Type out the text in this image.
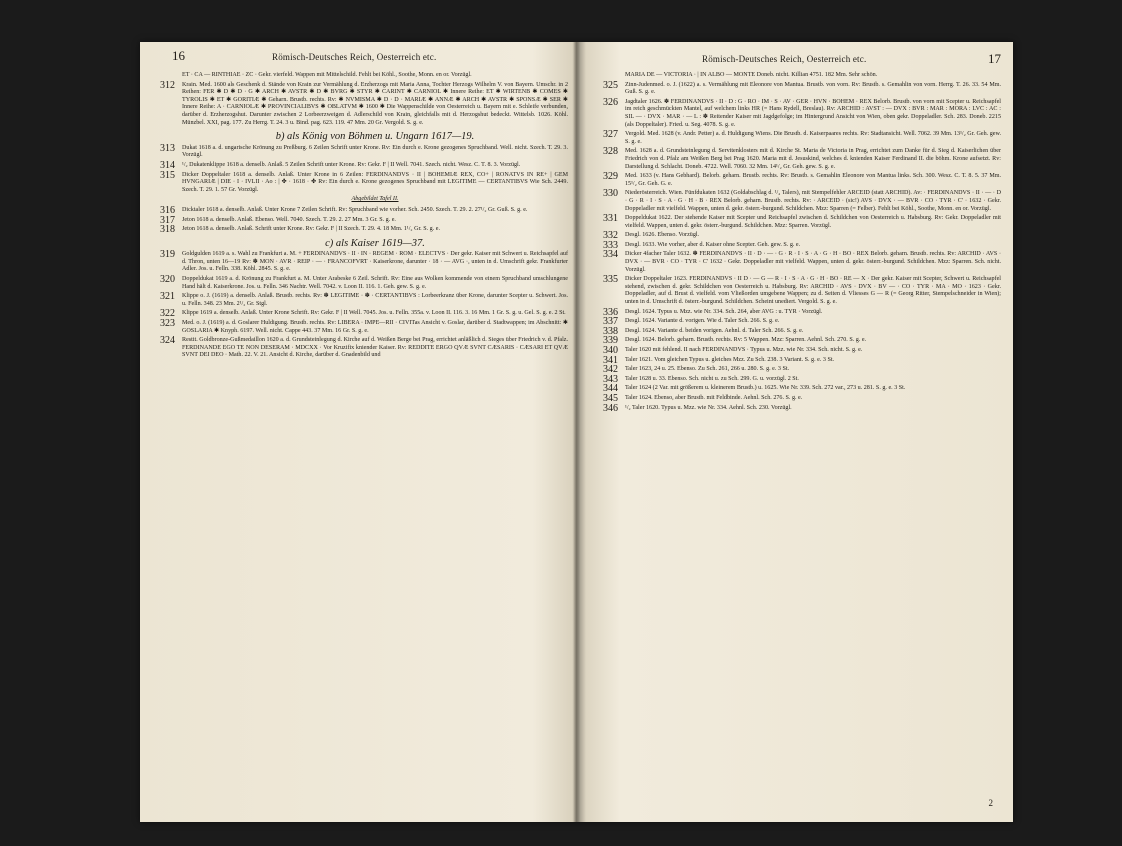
16	Römisch-Deutsches Reich, Oesterreich etc.
ET · CA — RINTHIAE · ZC · Gekr. vierfeld. Wappen mit Mittelschild. Fehlt bei Köhl., Soothe, Monn. en or. Vorzügl.
312 Krain. Med. 1600 als Geschenk d. Stände von Krain zur Vermählung d. Erzherzogs mit Maria Anna, Tochter Herzogs Wilhelm V. von Bayern. Umschr. in 2 Reihen: FER ✱ D ✱ D · G ✱ ARCH ✱ AVSTR ✱ D ✱ BVRG ✱ STYR ✱ CARINT ✱ CARNIOL ✱ Innere Reihe: ET ✱ WIRTENB ✱ COMES ✱ TYROLIS ✱ ET ✱ GORITIÆ ✱ Geharn. Brustb. rechts. Rv: ✱ NVMISMA ✱ D · D · MARIÆ ✱ ANNÆ ✱ ARCH ✱ AVSTR ✱ SPONSÆ ✱ SER ✱ Innere Reihe: A · CARNIOLÆ ✱ PROVINCIALIBVS ✱ OBLATVM ✱ 1600 ✱ Die Wappenschilde von Oesterreich u. Bayern mit e. Schleife verbunden, darüber d. Erzherzogshut. Darunter zwischen 2 Lorbeerzweigen d. Adlerschild von Krain, gleichfalls mit d. Herzogshut bedeckt. Wittelsb. 1026. Köhl. Münzbel. XXI, pag. 177. Zu Herrg. T. 24. 3 u. Bind. pag. 623. 119. 47 Mm. 20 Gr. Vergold. S. g. e.
b) als König von Böhmen u. Ungarn 1617—19.
313 Dukat 1618 a. d. ungarische Krönung zu Preßburg. 6 Zeilen Schrift unter Krone. Rv: Ein durch e. Krone gezogenes Spruchband. Well. nicht. Szech. T. 29. 3. Vorzügl.
314 ¹/₂ Dukatenklippe 1618 a. denselb. Anlaß. 5 Zeilen Schrift unter Krone. Rv: Gekr. F | II Well. 7041. Szech. nicht. Wesz. C. T. 8. 3. Vorzügl.
315 Dicker Doppeltaler 1618 a. denselb. Anlaß. Unter Krone in 6 Zeilen: FERDINANDVS · II | BOHEMIÆ REX, CO+ | RONATVS IN RE+ | GEM HVNGARIÆ | DIE · I · IVLII · Ao : | ✤ · 1618 · ✤ Rv: Ein durch e. Krone gezogenes Spruchband mit LEGITIME — CERTANTIBVS Wie Sch. 2449. Szech. T. 29. 1. 57 Gr. Vorzügl.
Abgebildet Tafel II.
316 Dicktaler 1618 a. denselb. Anlaß. Unter Krone 7 Zeilen Schrift. Rv: Spruchband wie vorher. Sch. 2450. Szech. T. 29. 2. 27¹/₂ Gr. Guß. S. g. e.
317 Jeton 1618 a. denselb. Anlaß. Ebenso. Well. 7040. Szech. T. 29. 2. 27 Mm. 3 Gr. S. g. e.
318 Jeton 1618 a. denselb. Anlaß. Schrift unter Krone. Rv: Gekr. F | II Szech. T. 29. 4. 18 Mm. 1¹/₂ Gr. S. g. e.
c) als Kaiser 1619—37.
319 Goldgulden 1619 a. s. Wahl zu Frankfurt a. M. + FERDINANDVS · II · IN · REGEM · ROM · ELECTVS · Der gekr. Kaiser mit Schwert u. Reichsapfel auf d. Thron, unten 16—19 Rv: ✽ MON · AVR · REIP · — · FRANCOFVRT · Kaiserkrone, darunter · 18 · — AVG ·, unten in d. Umschrift gekr. Frankfurter Adler. Jos. u. Felln. 338. Köhl. 2845. S. g. e.
320 Doppeldukat 1619 a. d. Krönung zu Frankfurt a. M. Unter Arabeske 6 Zeil. Schrift. Rv: Eine aus Wolken kommende von einem Spruchband umschlungene Hand hält d. Kaiserkrone. Jos. u. Felln. 346 Nachtr. Well. 7042. v. Loon II. 116. 1. Geh. gew. S. g. e.
321 Klippe o. J. (1619) a. denselb. Anlaß. Brustb. rechts. Rv: ✽ LEGITIME · ✽ · CERTANTIBVS : Lorbeerkranz über Krone, darunter Scepter u. Schwert. Jos. u. Felln. 348. 23 Mm. 2¹/₂ Gr. Stgl.
322 Klippe 1619 a. denselb. Anlaß. Unter Krone Schrift. Rv: Gekr. F | II Well. 7045. Jos. u. Felln. 355a. v. Loon II. 116. 3. 16 Mm. 1 Gr. S. g. u. Gel. S. g. e. 2 St.
323 Med. o. J. (1619) a. d. Goslarer Huldigung. Brustb. rechts. Rv: LIBERA · IMPE—RII · CIVITas Ansicht v. Goslar, darüber d. Stadtwappen; im Abschnitt: ✱ GOSLARIA ✱ Knyph. 6197. Well. nicht. Cappe 443. 37 Mm. 16 Gr. S. g. e.
324 Restit. Goldbronze-Gußmedaillon 1620 a. d. Grundsteinlegung d. Kirche auf d. Weißen Berge bei Prag, errichtet anläßlich d. Sieges über Friedrich v. d. Pfalz. FERDINANDE EGO TE NON DESERAM · MDCXX · Vor Kruzifix kniender Kaiser. Rv: REDDITE ERGO QVÆ SVNT CÆSARIS · CÆSARI ET QVÆ SVNT DEI DEO · Math. 22. V. 21. Ansicht d. Kirche, darüber d. Gnadenbild und
Römisch-Deutsches Reich, Oesterreich etc.	17
MARIA DE — VICTORIA · | IN ALBO — MONTE Doneb. nicht. Killian 4751. 182 Mm. Sehr schön.
325 Zinn-Judenmed. o. J. (1622) a. s. Vermählung mit Eleonore von Mantua. Brustb. von vorn. Rv: Brustb. s. Gemahlin von vorn. Herrg. T. 26. 33. 54 Mm. Guß. S. g. e.
326 Jagdtaler 1626. ✽ FERDINANDVS · II · D : G · RO · IM · S · AV · GER · HVN · BOHEM · REX Belorb. Brustb. von vorn mit Scepter u. Reichsapfel im reich geschmückten Mantel, auf welchem links HR (= Hans Rydell, Breslau). Rv: ARCHID : AVST : — DVX : BVR : MAR : MORA : LVC : AC : SIL — · DVX · MAR · — L : ✽ Reitender Kaiser mit Jagdgefolge; im Hintergrund Ansicht von Wien, oben gekr. Doppeladler. Sch. 283. Doneb. 2215 (als Doppeltaler). Fried. u. Seg. 4078. S. g. e.
327 Vergold. Med. 1628 (v. Andr. Petter) a. d. Huldigung Wiens. Die Brustb. d. Kaiserpaares rechts. Rv: Stadtansicht. Well. 7062. 39 Mm. 13¹/₂ Gr. Geh. gew. S. g. e.
328 Med. 1628 a. d. Grundsteinlegung d. Servitenklosters mit d. Kirche St. Maria de Victoria in Prag, errichtet zum Danke für d. Sieg d. Kaiserlichen über Friedrich von d. Pfalz am Weißen Berg bei Prag 1620. Maria mit d. Jesuskind, welches d. knienden Kaiser Ferdinand II. die böhm. Krone aufsetzt. Rv: Darstellung d. Schlacht. Doneb. 4722. Well. 7060. 32 Mm. 14¹/₂ Gr. Geh. gew. S. g. e.
329 Med. 1633 (v. Hans Gebhard). Belorb. geharn. Brustb. rechts. Rv: Brustb. s. Gemahlin Eleonore von Mantua links. Sch. 300. Wesz. C. T. 8. 5. 37 Mm. 15¹/₂ Gr. Geh. G. e.
330 Niederösterreich. Wien. Fünfdukaten 1632 (Goldabschlag d. ¹/₄ Talers), mit Stempelfehler ARCEID (statt ARCHID). Av: · FERDINANDVS · II · — · D · G · R · I · S · A · G · H · B · REX Belorb. geharn. Brustb. rechts. Rv: · ARCEID · (sic!) AVS · DVX · — BVR · CO · TYR · C' · 1632 · Gekr. Doppeladler mit vielfeld. Wappen, unten d. gekr. österr.-burgund. Schildchen. Mzz: Sparren (= Felber). Fehlt bei Köhl., Soothe, Monn. en or. Vorzügl.
331 Doppeldukat 1622. Der stehende Kaiser mit Scepter und Reichsapfel zwischen d. Schildchen von Oesterreich u. Habsburg. Rv: Gekr. Doppeladler mit vielfeld. Wappen, unten d. gekr. österr.-burgund. Schildchen. Mzz: Sparren. Vorzügl.
332 Desgl. 1626. Ebenso. Vorzügl.
333 Desgl. 1633. Wie vorher, aber d. Kaiser ohne Scepter. Geh. gew. S. g. e.
334 Dicker 4facher Taler 1632. ✽ FERDINANDVS · II · D · — · G · R · I · S · A · G · H · BO · REX Belorb. geharn. Brustb. rechts. Rv: ARCHID · AVS · DVX · — BVR · CO · TYR · C' 1632 · Gekr. Doppeladler mit vielfeld. Wappen, unten d. gekr. österr.-burgund. Schildchen. Mzz: Sparren. Sch. nicht. Vorzügl.
335 Dicker Doppeltaler 1623. FERDINANDVS · II D · — G — R · I · S · A · G · H · BO · RE — X · Der gekr. Kaiser mit Scepter, Schwert u. Reichsapfel stehend, zwischen d. gekr. Schildchen von Oesterreich u. Habsburg. Rv: ARCHID · AVS · DVX · BV — · CO · TYR · MA · MO · 1623 · Gekr. Doppeladler, auf d. Brust d. vielfeld. vom Vließorden umgebene Wappen; zu d. Seiten d. Vliesses G — R (= Georg Ritter, Stempelschneider in Wien); unten in d. Umschrift d. österr.-burgund. Schildchen. Scheint unediert. Vergold. S. g. e.
336 Desgl. 1624. Typus u. Mzz. wie Nr. 334. Sch. 264, aber AVG : u. TYR · Vorzügl.
337 Desgl. 1624. Variante d. vorigen. Wie d. Taler Sch. 266. S. g. e.
338 Desgl. 1624. Variante d. beiden vorigen. Aehnl. d. Taler Sch. 266. S. g. e.
339 Desgl. 1624. Belorb. geharn. Brustb. rechts. Rv: 5 Wappen. Mzz: Sparren. Aehnl. Sch. 270. S. g. e.
340 Taler 1620 mit fehlend. II nach FERDINANDVS · Typus u. Mzz. wie Nr. 334. Sch. nicht. S. g. e.
341 Taler 1621. Vom gleichen Typus u. gleiches Mzz. Zu Sch. 238. 3 Variant. S. g. e. 3 St.
342 Taler 1623, 24 u. 25. Ebenso. Zu Sch. 261, 266 u. 280. S. g. e. 3 St.
343 Taler 1628 u. 33. Ebenso. Sch. nicht u. zu Sch. 299. G. u. vorzügl. 2 St.
344 Taler 1624 (2 Var. mit größerem u. kleinerem Brustb.) u. 1625. Wie Nr. 339. Sch. 272 var., 273 u. 281. S. g. e. 3 St.
345 Taler 1624. Ebenso, aber Brustb. mit Feldbinde. Aehnl. Sch. 276. S. g. e.
346 ¹/₂ Taler 1620. Typus u. Mzz. wie Nr. 334. Aehnl. Sch. 230. Vorzügl.
2
